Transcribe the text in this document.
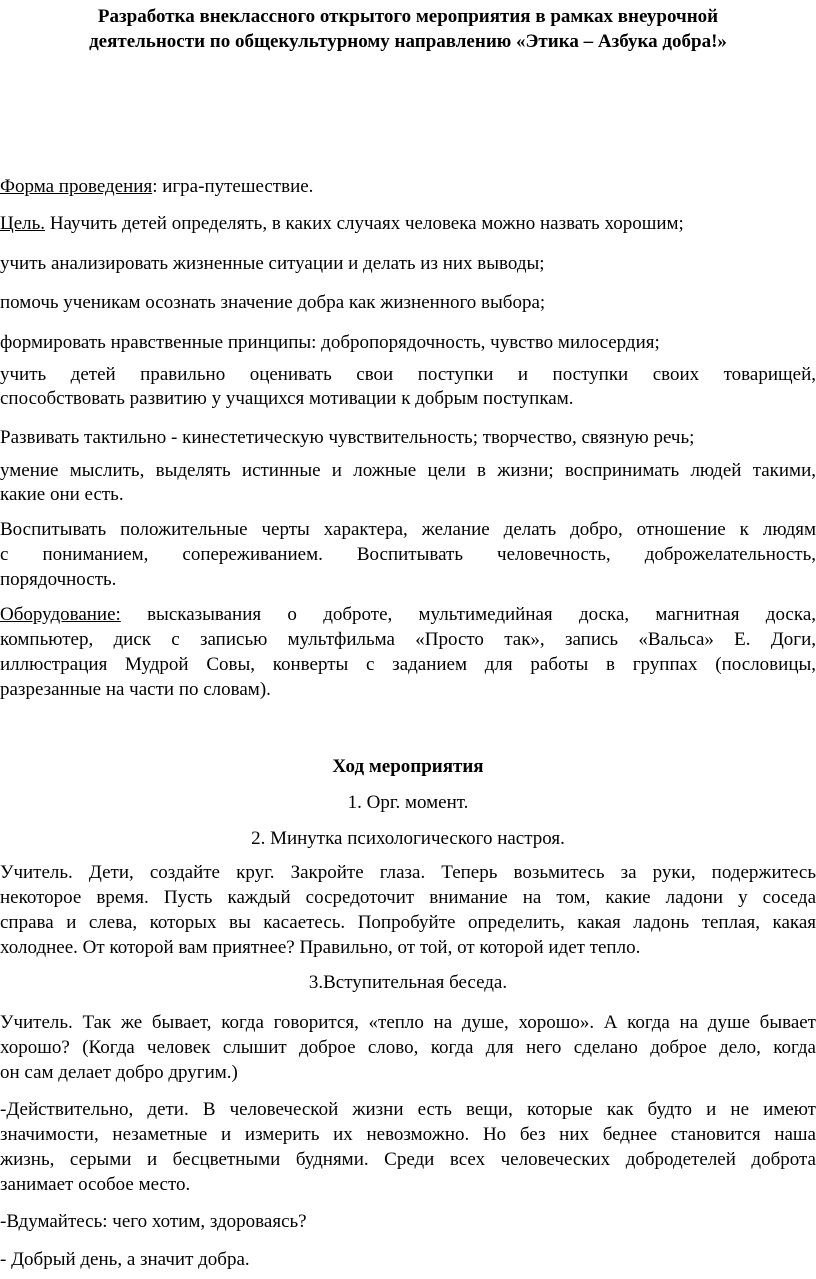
Разработка внеклассного открытого мероприятия в рамках внеурочной
деятельности по общекультурному направлению «Этика – Азбука добра!»
Форма проведения: игра-путешествие.
Цель. Научить детей определять, в каких случаях человека можно назвать хорошим;
учить анализировать жизненные ситуации и делать из них выводы;
помочь ученикам осознать значение добра как жизненного выбора;
формировать нравственные принципы: добропорядочность, чувство милосердия;
учить детей правильно оценивать свои поступки и поступки своих товарищей,
способствовать развитию у учащихся мотивации к добрым поступкам.
Развивать тактильно - кинестетическую чувствительность; творчество, связную речь;
умение мыслить, выделять истинные и ложные цели в жизни; воспринимать людей такими,
какие они есть.
Воспитывать положительные черты характера, желание делать добро, отношение к людям
с пониманием, сопереживанием. Воспитывать человечность, доброжелательность,
порядочность.
Оборудование: высказывания о доброте, мультимедийная доска, магнитная доска,
компьютер, диск с записью мультфильма «Просто так», запись «Вальса» Е. Доги,
иллюстрация Мудрой Совы, конверты с заданием для работы в группах (пословицы,
разрезанные на части по словам).
Ход мероприятия
1. Орг. момент.
2. Минутка психологического настроя.
Учитель. Дети, создайте круг. Закройте глаза. Теперь возьмитесь за руки, подержитесь
некоторое время. Пусть каждый сосредоточит внимание на том, какие ладони у соседа
справа и слева, которых вы касаетесь. Попробуйте определить, какая ладонь теплая, какая
холоднее. От которой вам приятнее? Правильно, от той, от которой идет тепло.
3.Вступительная беседа.
Учитель. Так же бывает, когда говорится, «тепло на душе, хорошо». А когда на душе бывает
хорошо? (Когда человек слышит доброе слово, когда для него сделано доброе дело, когда
он сам делает добро другим.)
-Действительно, дети. В человеческой жизни есть вещи, которые как будто и не имеют
значимости, незаметные и измерить их невозможно. Но без них беднее становится наша
жизнь, серыми и бесцветными буднями. Среди всех человеческих добродетелей доброта
занимает особое место.
-Вдумайтесь: чего хотим, здороваясь?
- Добрый день, а значит добра.
